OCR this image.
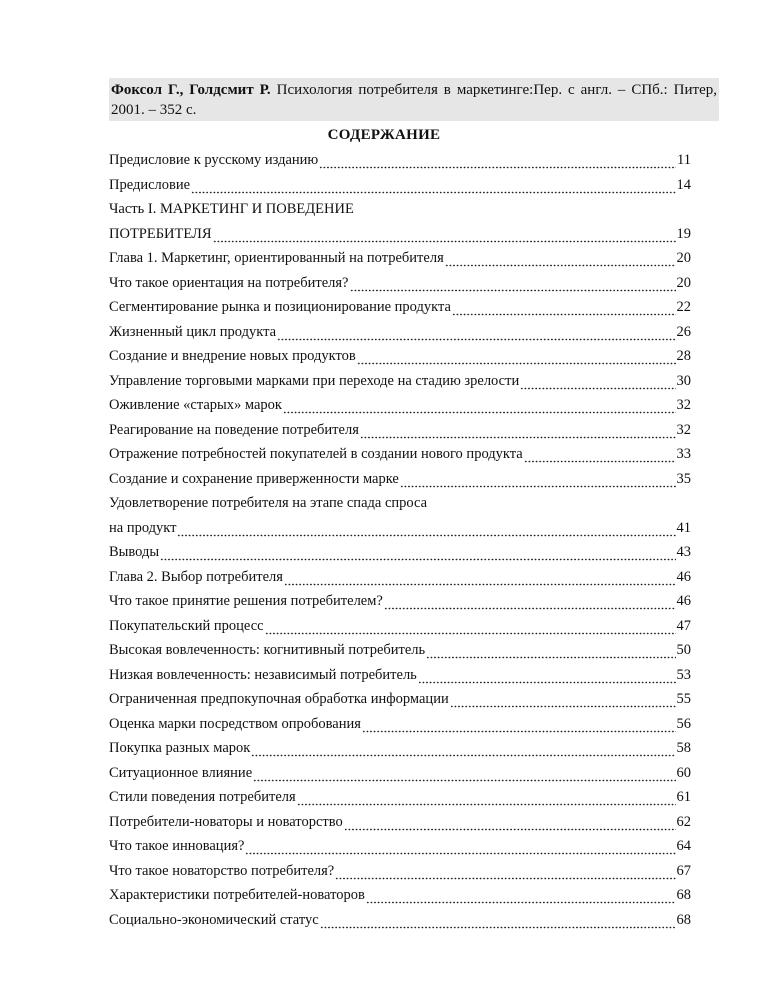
Фоксол Г., Голдсмит Р. Психология потребителя в маркетинге:Пер. с англ. – СПб.: Питер, 2001. – 352 с.
СОДЕРЖАНИЕ
Предисловие к русскому изданию	11
Предисловие	14
Часть I. МАРКЕТИНГ И ПОВЕДЕНИЕ
ПОТРЕБИТЕЛЯ	19
Глава 1. Маркетинг, ориентированный на потребителя	20
Что такое ориентация на потребителя?	20
Сегментирование рынка и позиционирование продукта	22
Жизненный цикл продукта	26
Создание и внедрение новых продуктов	28
Управление торговыми марками при переходе на стадию зрелости	30
Оживление «старых» марок	32
Реагирование на поведение потребителя	32
Отражение потребностей покупателей в создании нового продукта	33
Создание и сохранение приверженности марке	35
Удовлетворение потребителя на этапе спада спроса
на продукт	41
Выводы	43
Глава 2. Выбор потребителя	46
Что такое принятие решения потребителем?	46
Покупательский процесс	47
Высокая вовлеченность: когнитивный потребитель	50
Низкая вовлеченность: независимый потребитель	53
Ограниченная предпокупочная обработка информации	55
Оценка марки посредством опробования	56
Покупка разных марок	58
Ситуационное влияние	60
Стили поведения потребителя	61
Потребители-новаторы и новаторство	62
Что такое инновация?	64
Что такое новаторство потребителя?	67
Характеристики потребителей-новаторов	68
Социально-экономический статус	68
